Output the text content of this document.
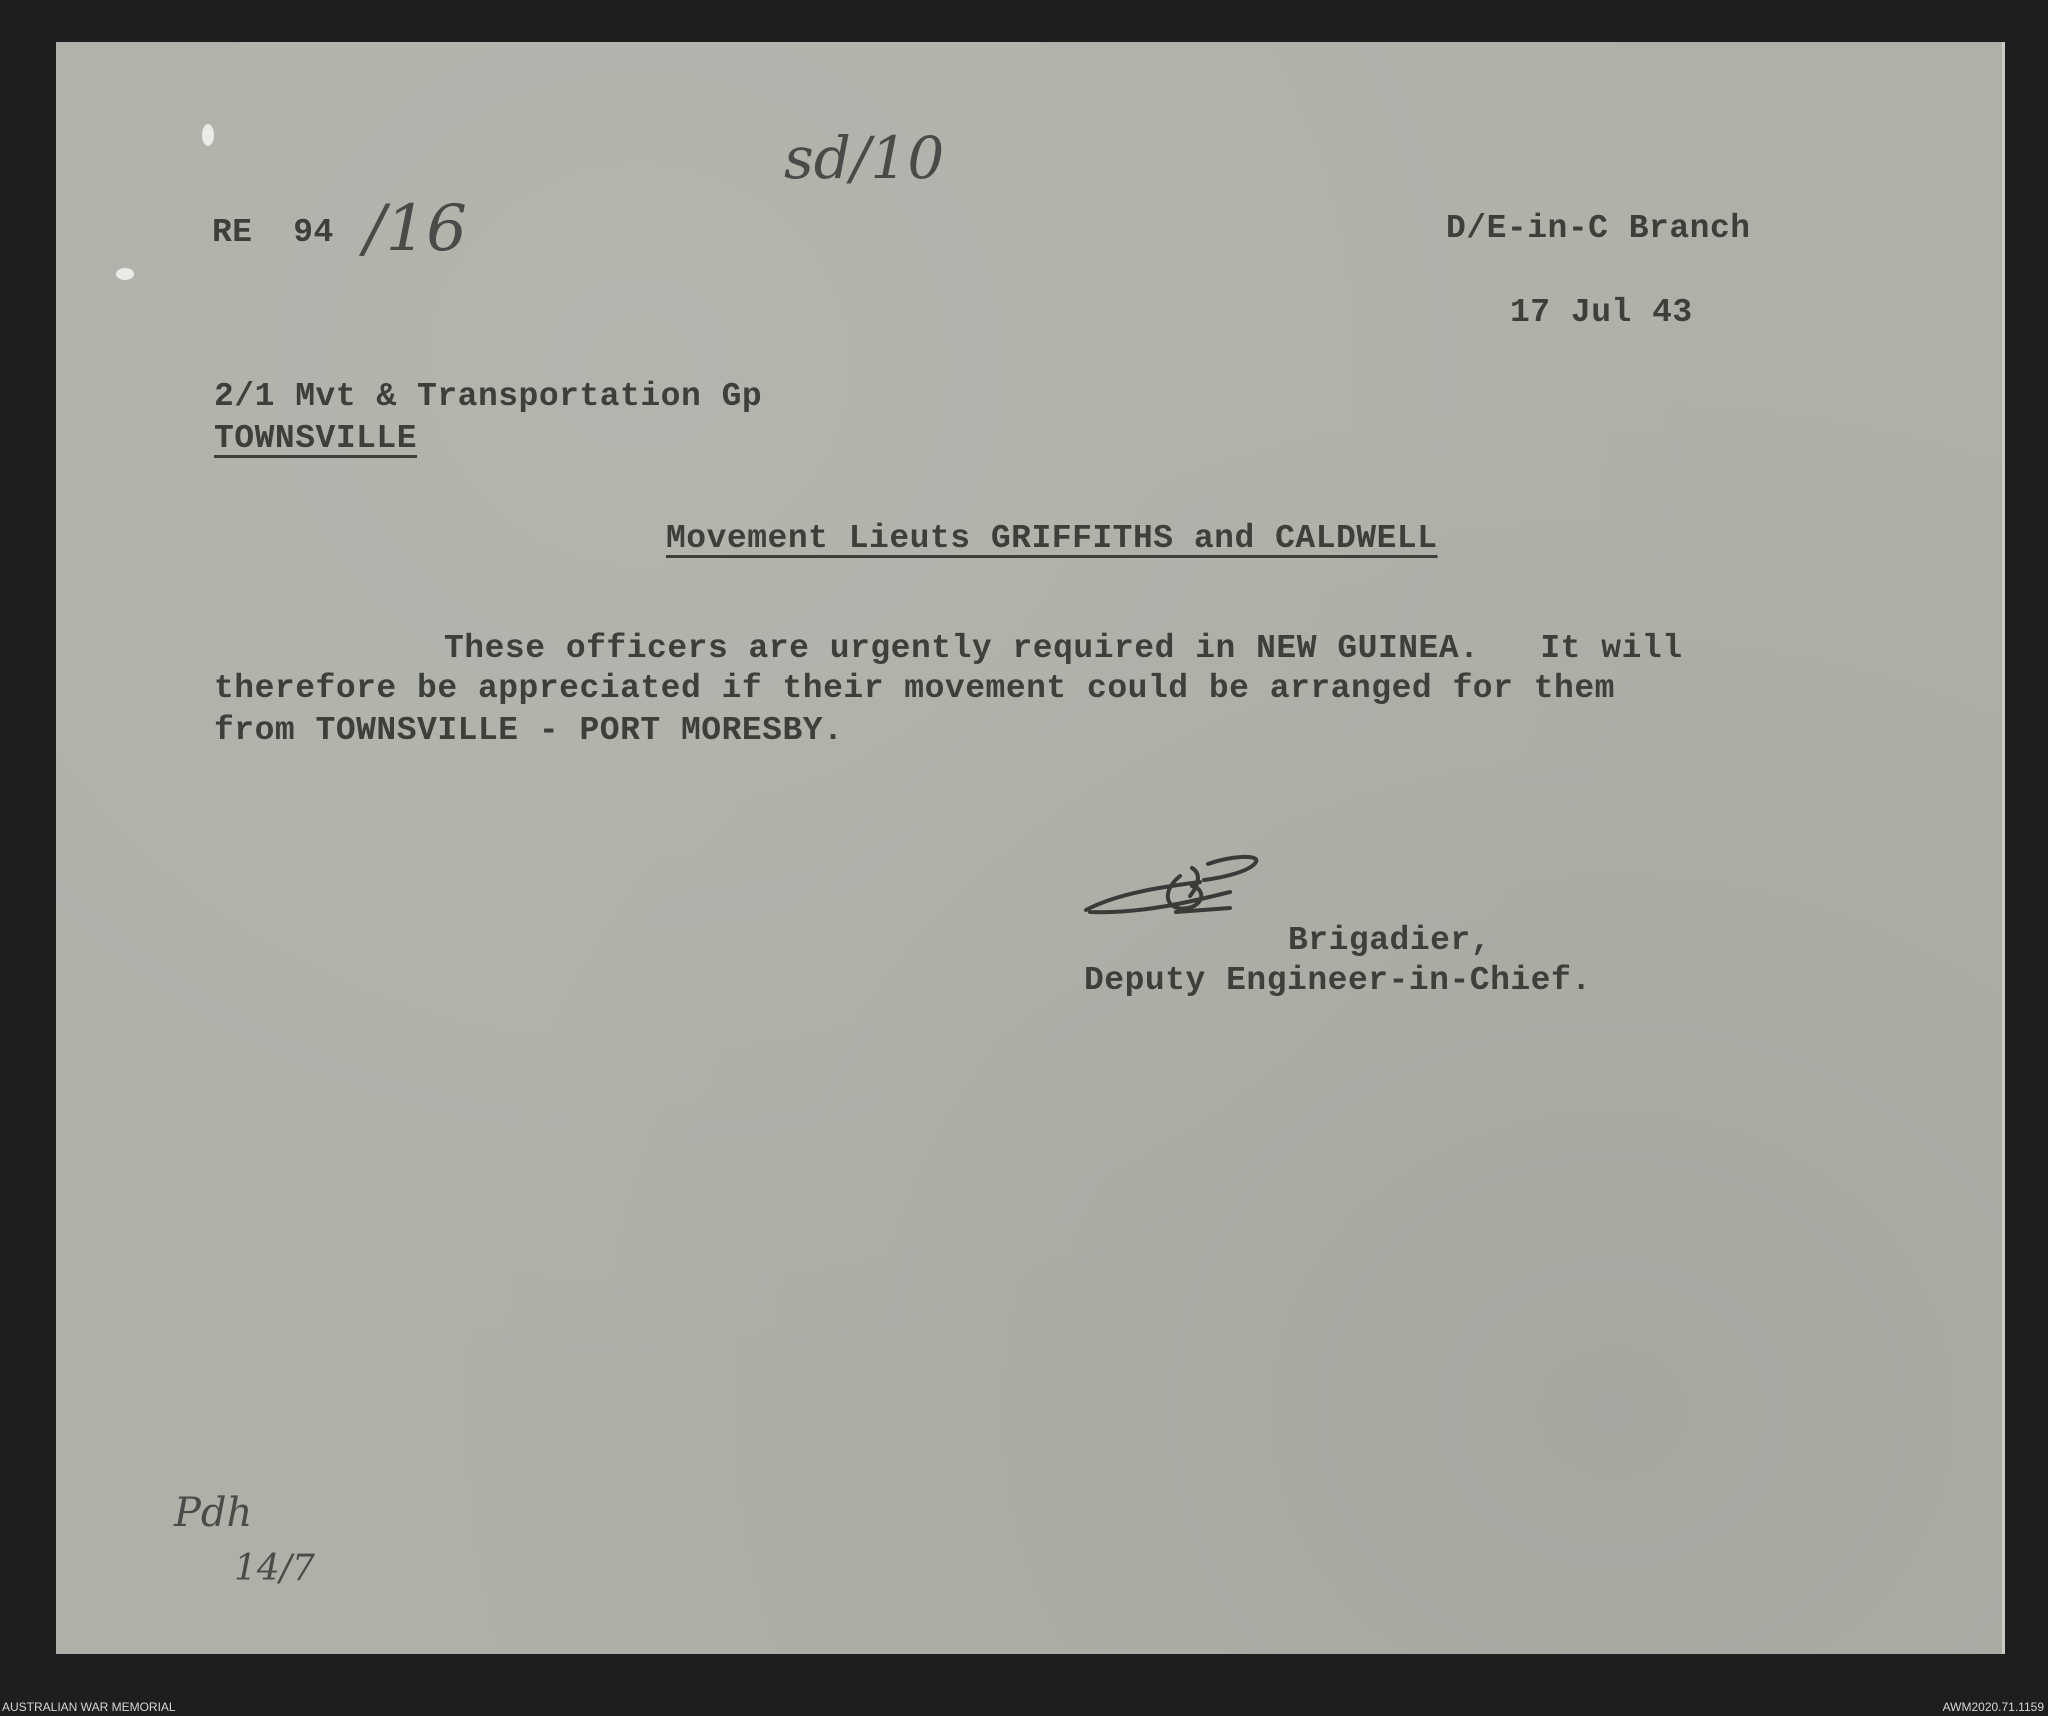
RE  94 /16
sd/10
D/E-in-C Branch
17 Jul 43
2/1 Mvt & Transportation Gp
TOWNSVILLE
Movement Lieuts GRIFFITHS and CALDWELL
These officers are urgently required in NEW GUINEA.   It will
therefore be appreciated if their movement could be arranged for them
from TOWNSVILLE - PORT MORESBY.
Brigadier,
Deputy Engineer-in-Chief.
Pdh
14/7
AUSTRALIAN WAR MEMORIAL	AWM2020.71.1159
